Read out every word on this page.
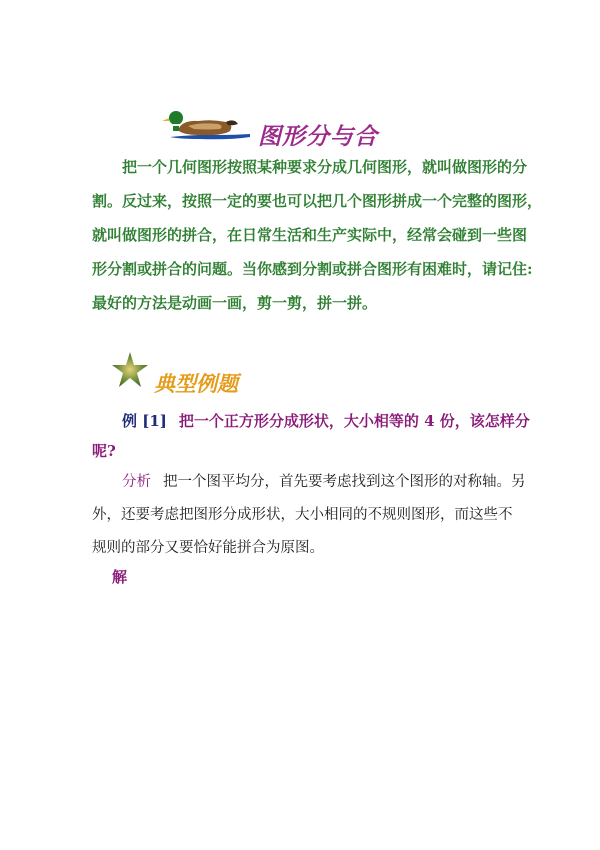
图形分与合
把一个几何图形按照某种要求分成几何图形，就叫做图形的分
割。反过来，按照一定的要也可以把几个图形拼成一个完整的图形，
就叫做图形的拼合，在日常生活和生产实际中，经常会碰到一些图
形分割或拼合的问题。当你感到分割或拼合图形有困难时，请记住:
最好的方法是动画一画，剪一剪，拼一拼。
典型例题
例 [1] 把一个正方形分成形状，大小相等的 4 份，该怎样分
呢?
分析 把一个图平均分，首先要考虑找到这个图形的对称轴。另
外，还要考虑把图形分成形状，大小相同的不规则图形，而这些不
规则的部分又要恰好能拼合为原图。
解
